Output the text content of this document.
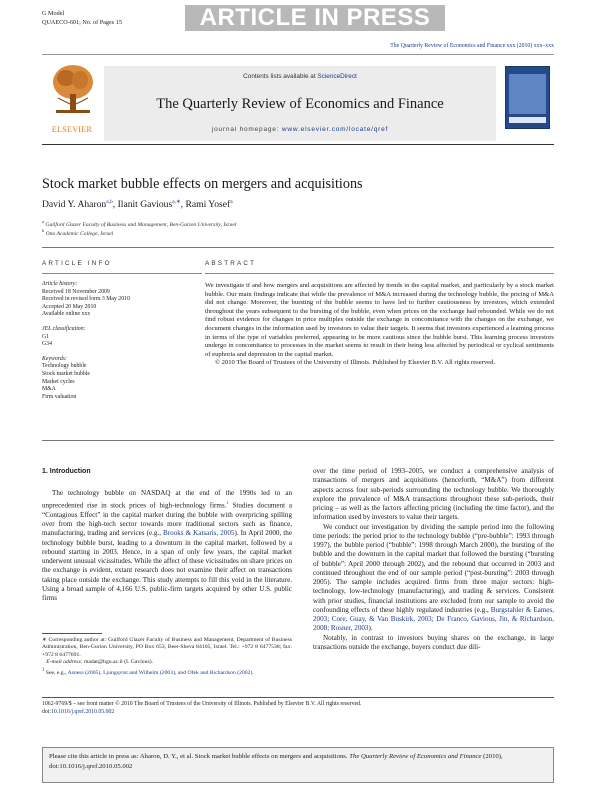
G Model
QUAECO-601; No. of Pages 15	ARTICLE IN PRESS
The Quarterly Review of Economics and Finance xxx (2010) xxx–xxx
ELSEVIER
Contents lists available at ScienceDirect
The Quarterly Review of Economics and Finance
journal homepage: www.elsevier.com/locate/qref
Stock market bubble effects on mergers and acquisitions
David Y. Aharon$^{a,b}$, Ilanit Gavious$^{a,∗}$, Rami Yosef$^a$
$^a$ Guilford Glazer Faculty of Business and Management, Ben-Gurion University, Israel
$^b$ Ono Academic College, Israel
ARTICLE INFO	ABSTRACT
Article history:
Received 18 November 2009
Received in revised form 3 May 2010
Accepted 20 May 2010
Available online xxx
JEL classification:
G1
G34
Keywords:
Technology bubble
Stock market bubble
Market cycles
M&A
Firm valuation
We investigate if and how mergers and acquisitions are affected by trends in the capital market, and particularly by a stock market bubble. Our main findings indicate that while the prevalence of M&A increased during the technology bubble, the pricing of M&A did not change. Moreover, the bursting of the bubble seems to have led to further cautiousness by investors, which extended throughout the years subsequent to the bursting of the bubble, even when prices on the exchange had rebounded. While we do not find robust evidence for changes in price multiples outside the exchange in concomitance with the changes on the exchange, we document changes in the information used by investors to value their targets. It seems that investors experienced a learning process in terms of the type of variables preferred, appearing to be more cautious since the bubble burst. This learning process investors undergo in concomitance to processes in the market seems to result in their being less affected by periodical or cyclical sentiments of euphoria and depression in the capital market.
© 2010 The Board of Trustees of the University of Illinois. Published by Elsevier B.V. All rights reserved.
1. Introduction

The technology bubble on NASDAQ at the end of the 1990s led to an unprecedented rise in stock prices of high-technology firms.$^1$ Studies document a “Contagious Effect” in the capital market during the bubble with overpricing spilling over from the high-tech sector towards more traditional sectors such as finance, manufacturing, trading and services (e.g., Brooks & Katsaris, 2005). In April 2000, the technology bubble burst, leading to a downturn in the capital market, followed by a rebound starting in 2003. Hence, in a span of only few years, the capital market underwent unusual vicissitudes. While the affect of these vicissitudes on share prices on the exchange is evident, extant research does not examine their affect on transactions taking place outside the exchange. This study attempts to fill this void in the literature. Using a broad sample of 4,166 U.S. public-firm targets acquired by other U.S. public firms

over the time period of 1993–2005, we conduct a comprehensive analysis of transactions of mergers and acquisitions (henceforth, “M&A”) from different aspects across four sub-periods surrounding the technology bubble. We thoroughly explore the prevalence of M&A transactions throughout these sub-periods, their pricing – as well as the factors affecting pricing (including the time factor), and the information used by investors to value their targets.

We conduct our investigation by dividing the sample period into the following time periods: the period prior to the technology bubble (“pre-bubble”: 1993 through 1997), the bubble period (“bubble”: 1998 through March 2000), the bursting of the bubble and the downturn in the capital market that followed the bursting (“bursting of bubble”: April 2000 through 2002), and the rebound that occurred in 2003 and continued throughout the end of our sample period (“post-bursting”: 2003 through 2005). The sample includes acquired firms from three major sectors: high-technology, low-technology (manufacturing), and trading & services. Consistent with prior studies, financial institutions are excluded from our sample to avoid the confounding effects of these highly regulated industries (e.g., Burgstahler & Eames, 2003; Core, Guay, & Van Buskirk, 2003; De Franco, Gavious, Jin, & Richardson, 2008; Rosner, 2003).

Notably, in contrast to investors buying shares on the exchange, in large transactions outside the exchange, buyers conduct due dili-

∗ Corresponding author at: Guilford Glazer Faculty of Business and Management, Department of Business Administration, Ben-Gurion University, PO Box 653, Beer-Sheva 84105, Israel. Tel.: +972 8 6477538; fax: +972 8 6477691.

E-mail address: madat@bgu.ac.il (I. Gavious).

$^1$ See, e.g., Asness (2005), Ljungqvist and Wilhelm (2003), and Ofek and Richardson (2002).

1062-9769/$ – see front matter © 2010 The Board of Trustees of the University of Illinois. Published by Elsevier B.V. All rights reserved.
doi:10.1016/j.qref.2010.05.002
Please cite this article in press as: Aharon, D. Y., et al. Stock market bubble effects on mergers and acquisitions. The Quarterly Review of Economics and Finance (2010), doi:10.1016/j.qref.2010.05.002
